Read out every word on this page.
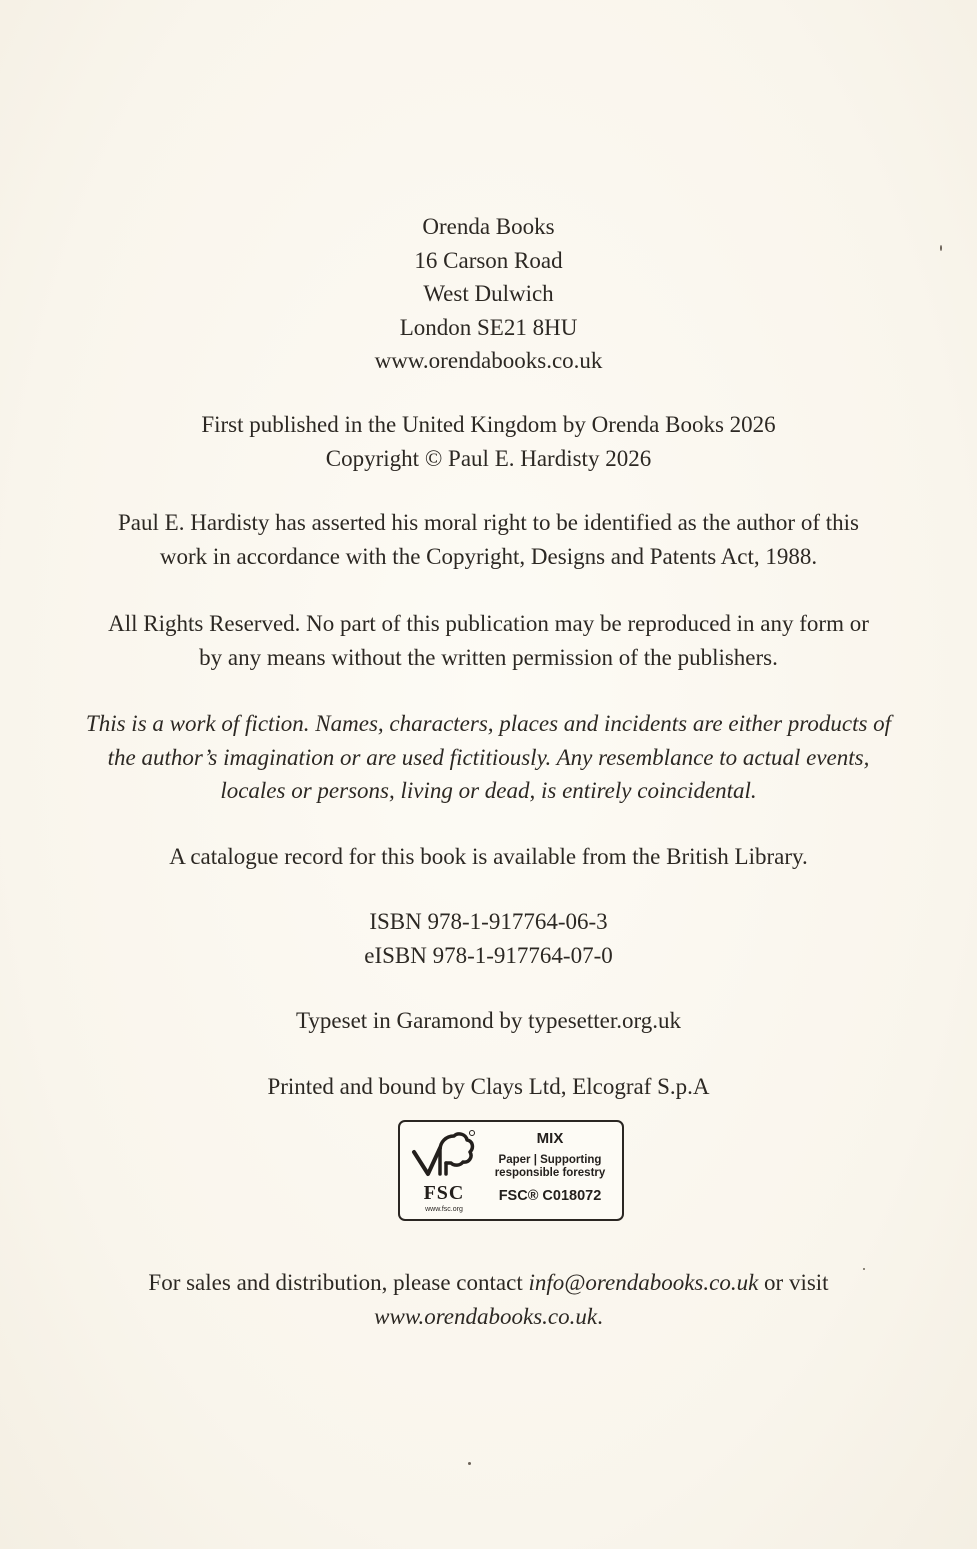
Orenda Books

16 Carson Road

West Dulwich

London SE21 8HU

www.orendabooks.co.uk

First published in the United Kingdom by Orenda Books 2026

Copyright © Paul E. Hardisty 2026

Paul E. Hardisty has asserted his moral right to be identified as the author of this

work in accordance with the Copyright, Designs and Patents Act, 1988.

All Rights Reserved. No part of this publication may be reproduced in any form or

by any means without the written permission of the publishers.

This is a work of fiction. Names, characters, places and incidents are either products of

the author’s imagination or are used fictitiously. Any resemblance to actual events,

locales or persons, living or dead, is entirely coincidental.

A catalogue record for this book is available from the British Library.

ISBN 978-1-917764-06-3

eISBN 978-1-917764-07-0

Typeset in Garamond by typesetter.org.uk

Printed and bound by Clays Ltd, Elcograf S.p.A

FSC
www.fsc.org
MIX
Paper | Supporting
responsible forestry
FSC® C018072

For sales and distribution, please contact info@orendabooks.co.uk or visit

www.orendabooks.co.uk.
